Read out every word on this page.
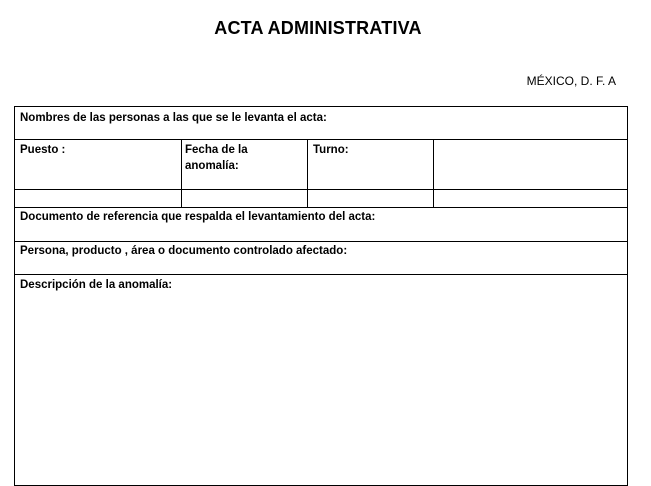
ACTA ADMINISTRATIVA
MÉXICO, D. F. A
Nombres de las personas a las que se le levanta el acta:
Puesto :	Fecha de la anomalía:
Turno:
Documento de referencia que respalda el levantamiento del acta:
Persona, producto , área o documento controlado afectado:
Descripción de la anomalía:
